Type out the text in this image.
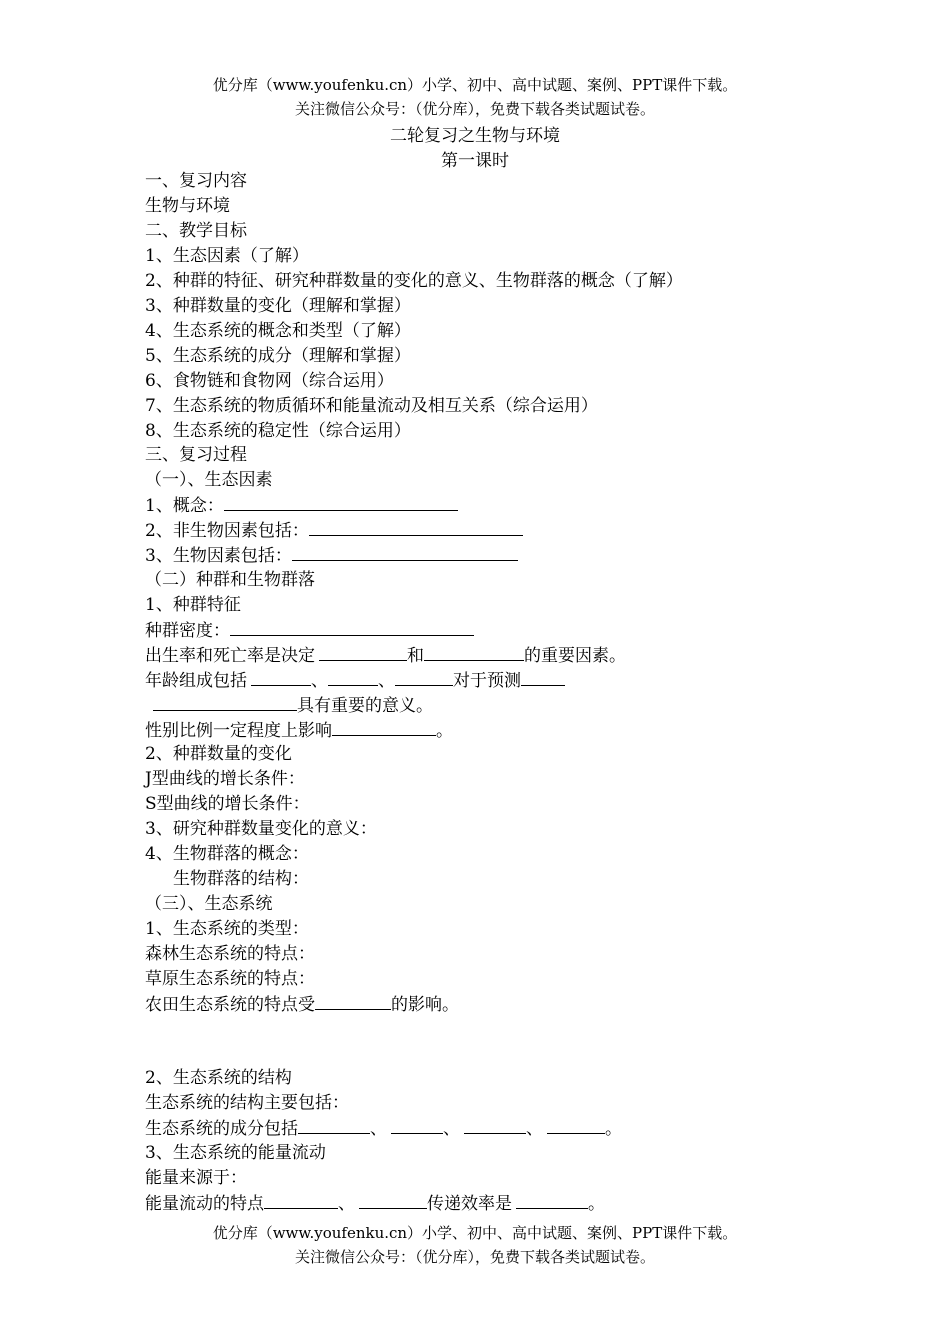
优分库（www.youfenku.cn）小学、初中、高中试题、案例、PPT课件下载。
关注微信公众号：（优分库），免费下载各类试题试卷。
二轮复习之生物与环境
第一课时
一、复习内容
生物与环境
二、教学目标
1、生态因素（了解）
2、种群的特征、研究种群数量的变化的意义、生物群落的概念（了解）
3、种群数量的变化（理解和掌握）
4、生态系统的概念和类型（了解）
5、生态系统的成分（理解和掌握）
6、食物链和食物网（综合运用）
7、生态系统的物质循环和能量流动及相互关系（综合运用）
8、生态系统的稳定性（综合运用）
三、复习过程
（一）、生态因素
1、概念：
2、非生物因素包括：
3、生物因素包括：
（二）种群和生物群落
1、种群特征
种群密度：
出生率和死亡率是决定	和	的重要因素。
年龄组成包括	、	、	对于预测
具有重要的意义。
性别比例一定程度上影响	。
2、种群数量的变化
J型曲线的增长条件：
S型曲线的增长条件：
3、研究种群数量变化的意义：
4、生物群落的概念：
生物群落的结构：
（三）、生态系统
1、生态系统的类型：
森林生态系统的特点：
草原生态系统的特点：
农田生态系统的特点受	的影响。
2、生态系统的结构
生态系统的结构主要包括：
生态系统的成分包括	、	、	、	。
3、生态系统的能量流动
能量来源于：
能量流动的特点	、	传递效率是	。
优分库（www.youfenku.cn）小学、初中、高中试题、案例、PPT课件下载。
关注微信公众号：（优分库），免费下载各类试题试卷。
